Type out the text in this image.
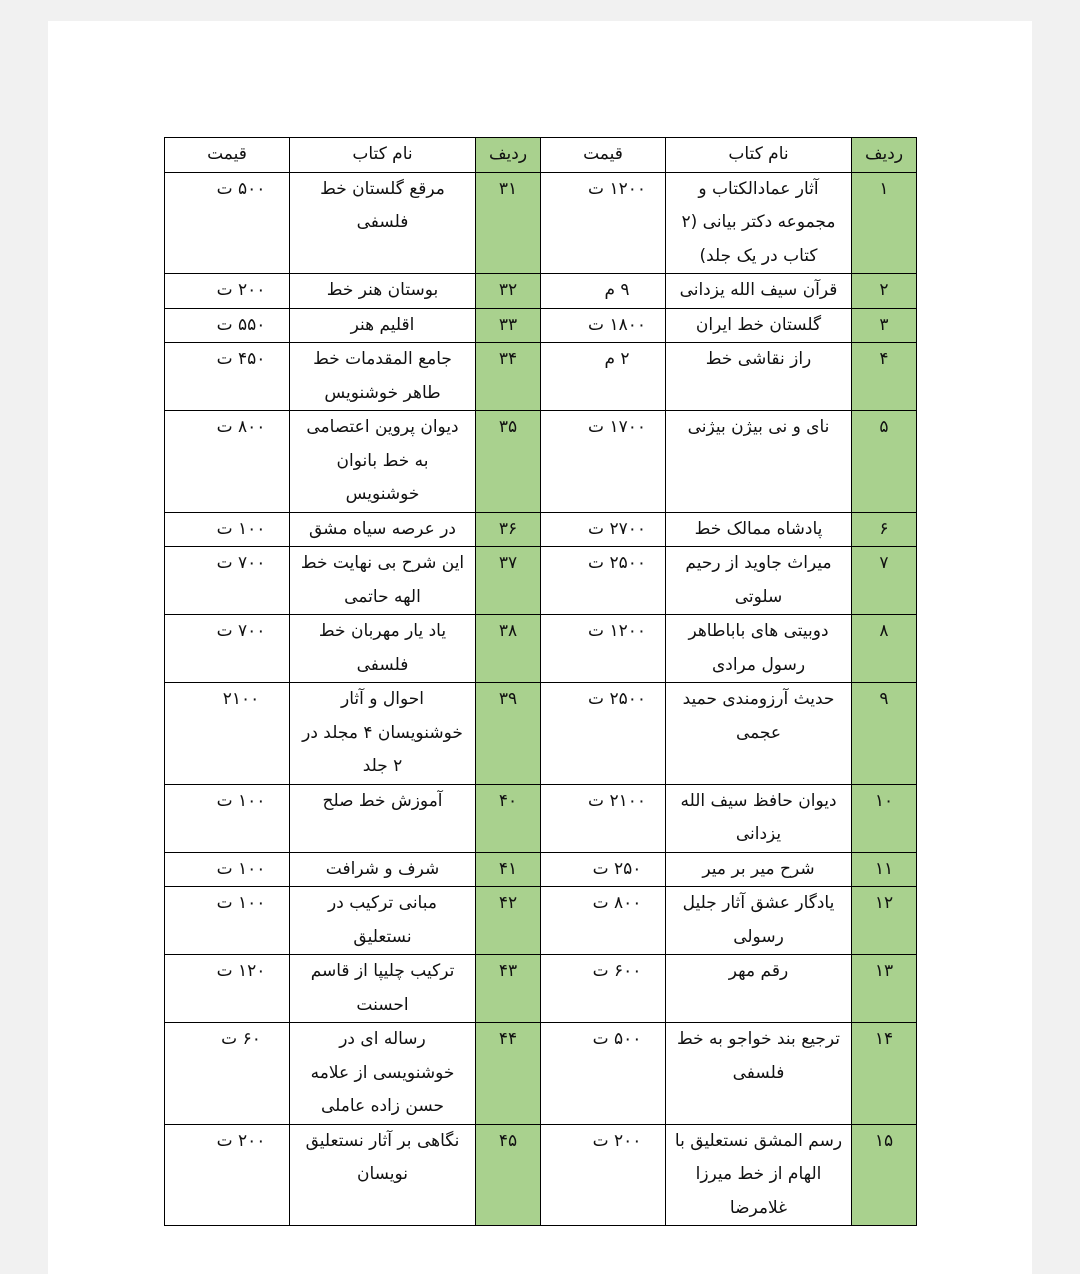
ردیف	نام کتاب	قیمت	ردیف	نام کتاب	قیمت
۱	آثار عمادالکتاب و مجموعه دکتر بیانی (۲ کتاب در یک جلد)	۱۲۰۰ ت	۳۱	مرقع گلستان خط فلسفی	۵۰۰ ت
۲	قرآن سیف الله یزدانی	۹ م	۳۲	بوستان هنر خط	۲۰۰ ت
۳	گلستان خط ایران	۱۸۰۰ ت	۳۳	اقلیم هنر	۵۵۰ ت
۴	راز نقاشی خط	۲ م	۳۴	جامع المقدمات خط طاهر خوشنویس	۴۵۰ ت
۵	نای و نی بیژن بیژنی	۱۷۰۰ ت	۳۵	دیوان پروین اعتصامی به خط بانوان خوشنویس	۸۰۰ ت
۶	پادشاه ممالک خط	۲۷۰۰ ت	۳۶	در عرصه سیاه مشق	۱۰۰ ت
۷	میراث جاوید از رحیم سلوتی	۲۵۰۰ ت	۳۷	این شرح بی نهایت خط الهه حاتمی	۷۰۰ ت
۸	دوبیتی های باباطاهر رسول مرادی	۱۲۰۰ ت	۳۸	یاد یار مهربان خط فلسفی	۷۰۰ ت
۹	حدیث آرزومندی حمید عجمی	۲۵۰۰ ت	۳۹	احوال و آثار خوشنویسان ۴ مجلد در ۲ جلد	۲۱۰۰
۱۰	دیوان حافظ سیف الله یزدانی	۲۱۰۰ ت	۴۰	آموزش خط صلح	۱۰۰ ت
۱۱	شرح میر بر میر	۲۵۰ ت	۴۱	شرف و شرافت	۱۰۰ ت
۱۲	یادگار عشق آثار جلیل رسولی	۸۰۰ ت	۴۲	مبانی ترکیب در نستعلیق	۱۰۰ ت
۱۳	رقم مهر	۶۰۰ ت	۴۳	ترکیب چلیپا از قاسم احسنت	۱۲۰ ت
۱۴	ترجیع بند خواجو به خط فلسفی	۵۰۰ ت	۴۴	رساله ای در خوشنویسی از علامه حسن زاده عاملی	۶۰ ت
۱۵	رسم المشق نستعلیق با الهام از خط میرزا غلامرضا	۲۰۰ ت	۴۵	نگاهی بر آثار نستعلیق نویسان	۲۰۰ ت
